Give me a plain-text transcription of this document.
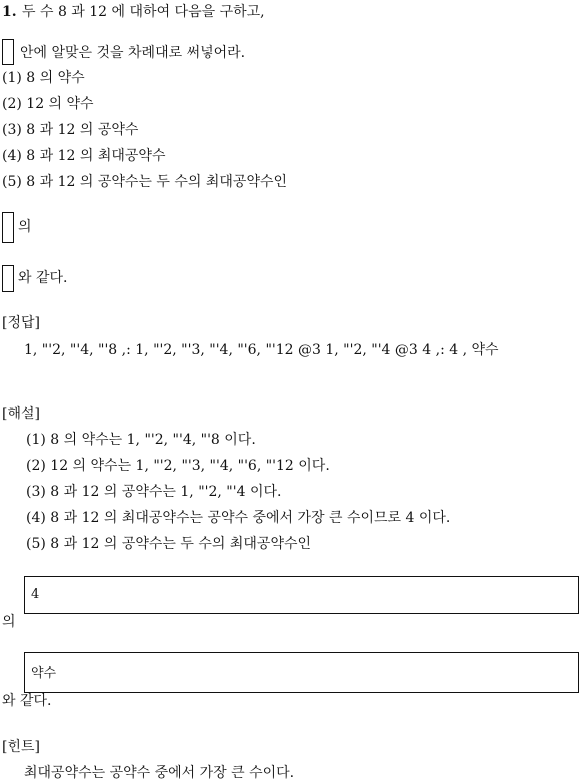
1. 두 수 8 과 12 에 대하여 다음을 구하고,
안에 알맞은 것을 차례대로 써넣어라.
(1) 8 의 약수
(2) 12 의 약수
(3) 8 과 12 의 공약수
(4) 8 과 12 의 최대공약수
(5) 8 과 12 의 공약수는 두 수의 최대공약수인
의
와 같다.
[정답]
1, "'2, "'4, "'8 ,: 1, "'2, "'3, "'4, "'6, "'12 @3 1, "'2, "'4 @3 4 ,: 4 , 약수
[해설]
(1) 8 의 약수는 1, "'2, "'4, "'8 이다.
(2) 12 의 약수는 1, "'2, "'3, "'4, "'6, "'12 이다.
(3) 8 과 12 의 공약수는 1, "'2, "'4 이다.
(4) 8 과 12 의 최대공약수는 공약수 중에서 가장 큰 수이므로 4 이다.
(5) 8 과 12 의 공약수는 두 수의 최대공약수인
4
의
약수
와 같다.
[힌트]
최대공약수는 공약수 중에서 가장 큰 수이다.
